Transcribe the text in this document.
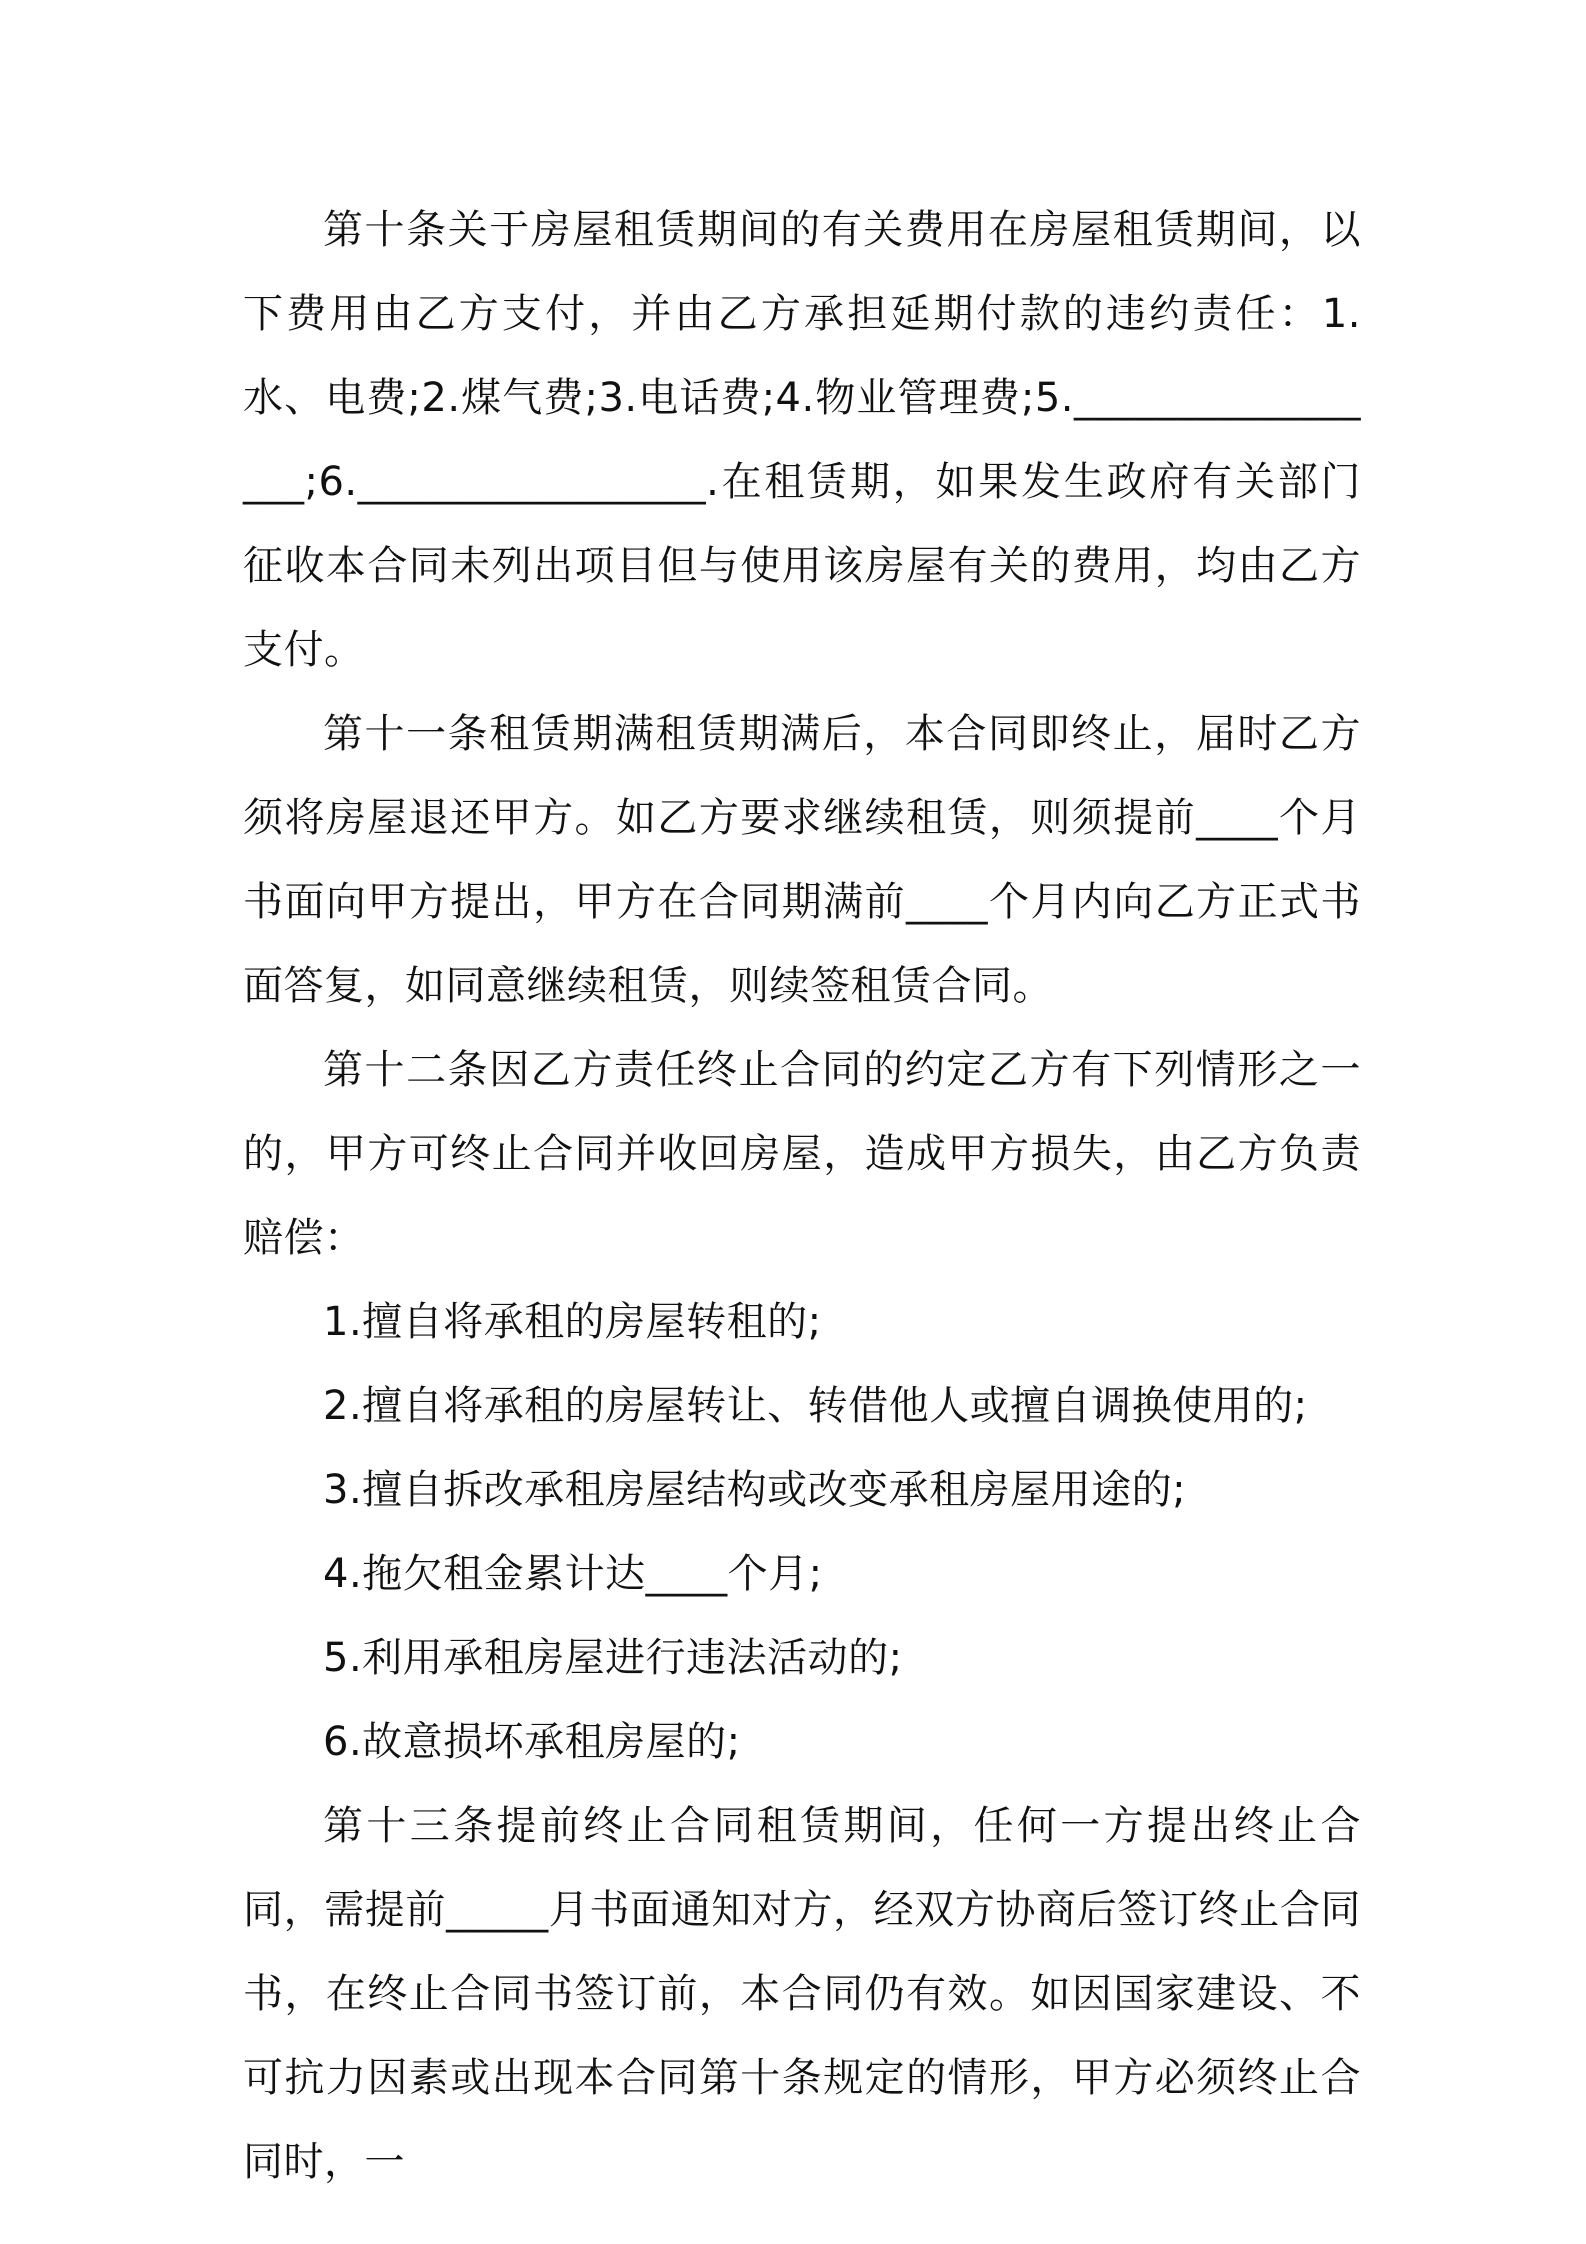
第十条关于房屋租赁期间的有关费用在房屋租赁期间，以下费用由乙方支付，并由乙方承担延期付款的违约责任：1.水、电费;2.煤气费;3.电话费;4.物业管理费;5._________________;6._________________.在租赁期，如果发生政府有关部门征收本合同未列出项目但与使用该房屋有关的费用，均由乙方支付。

第十一条租赁期满租赁期满后，本合同即终止，届时乙方须将房屋退还甲方。如乙方要求继续租赁，则须提前____个月书面向甲方提出，甲方在合同期满前____个月内向乙方正式书面答复，如同意继续租赁，则续签租赁合同。

第十二条因乙方责任终止合同的约定乙方有下列情形之一的，甲方可终止合同并收回房屋，造成甲方损失，由乙方负责赔偿：

1.擅自将承租的房屋转租的;

2.擅自将承租的房屋转让、转借他人或擅自调换使用的;

3.擅自拆改承租房屋结构或改变承租房屋用途的;

4.拖欠租金累计达____个月;

5.利用承租房屋进行违法活动的;

6.故意损坏承租房屋的;

第十三条提前终止合同租赁期间，任何一方提出终止合同，需提前_____月书面通知对方，经双方协商后签订终止合同书，在终止合同书签订前，本合同仍有效。如因国家建设、不可抗力因素或出现本合同第十条规定的情形，甲方必须终止合同时，一
